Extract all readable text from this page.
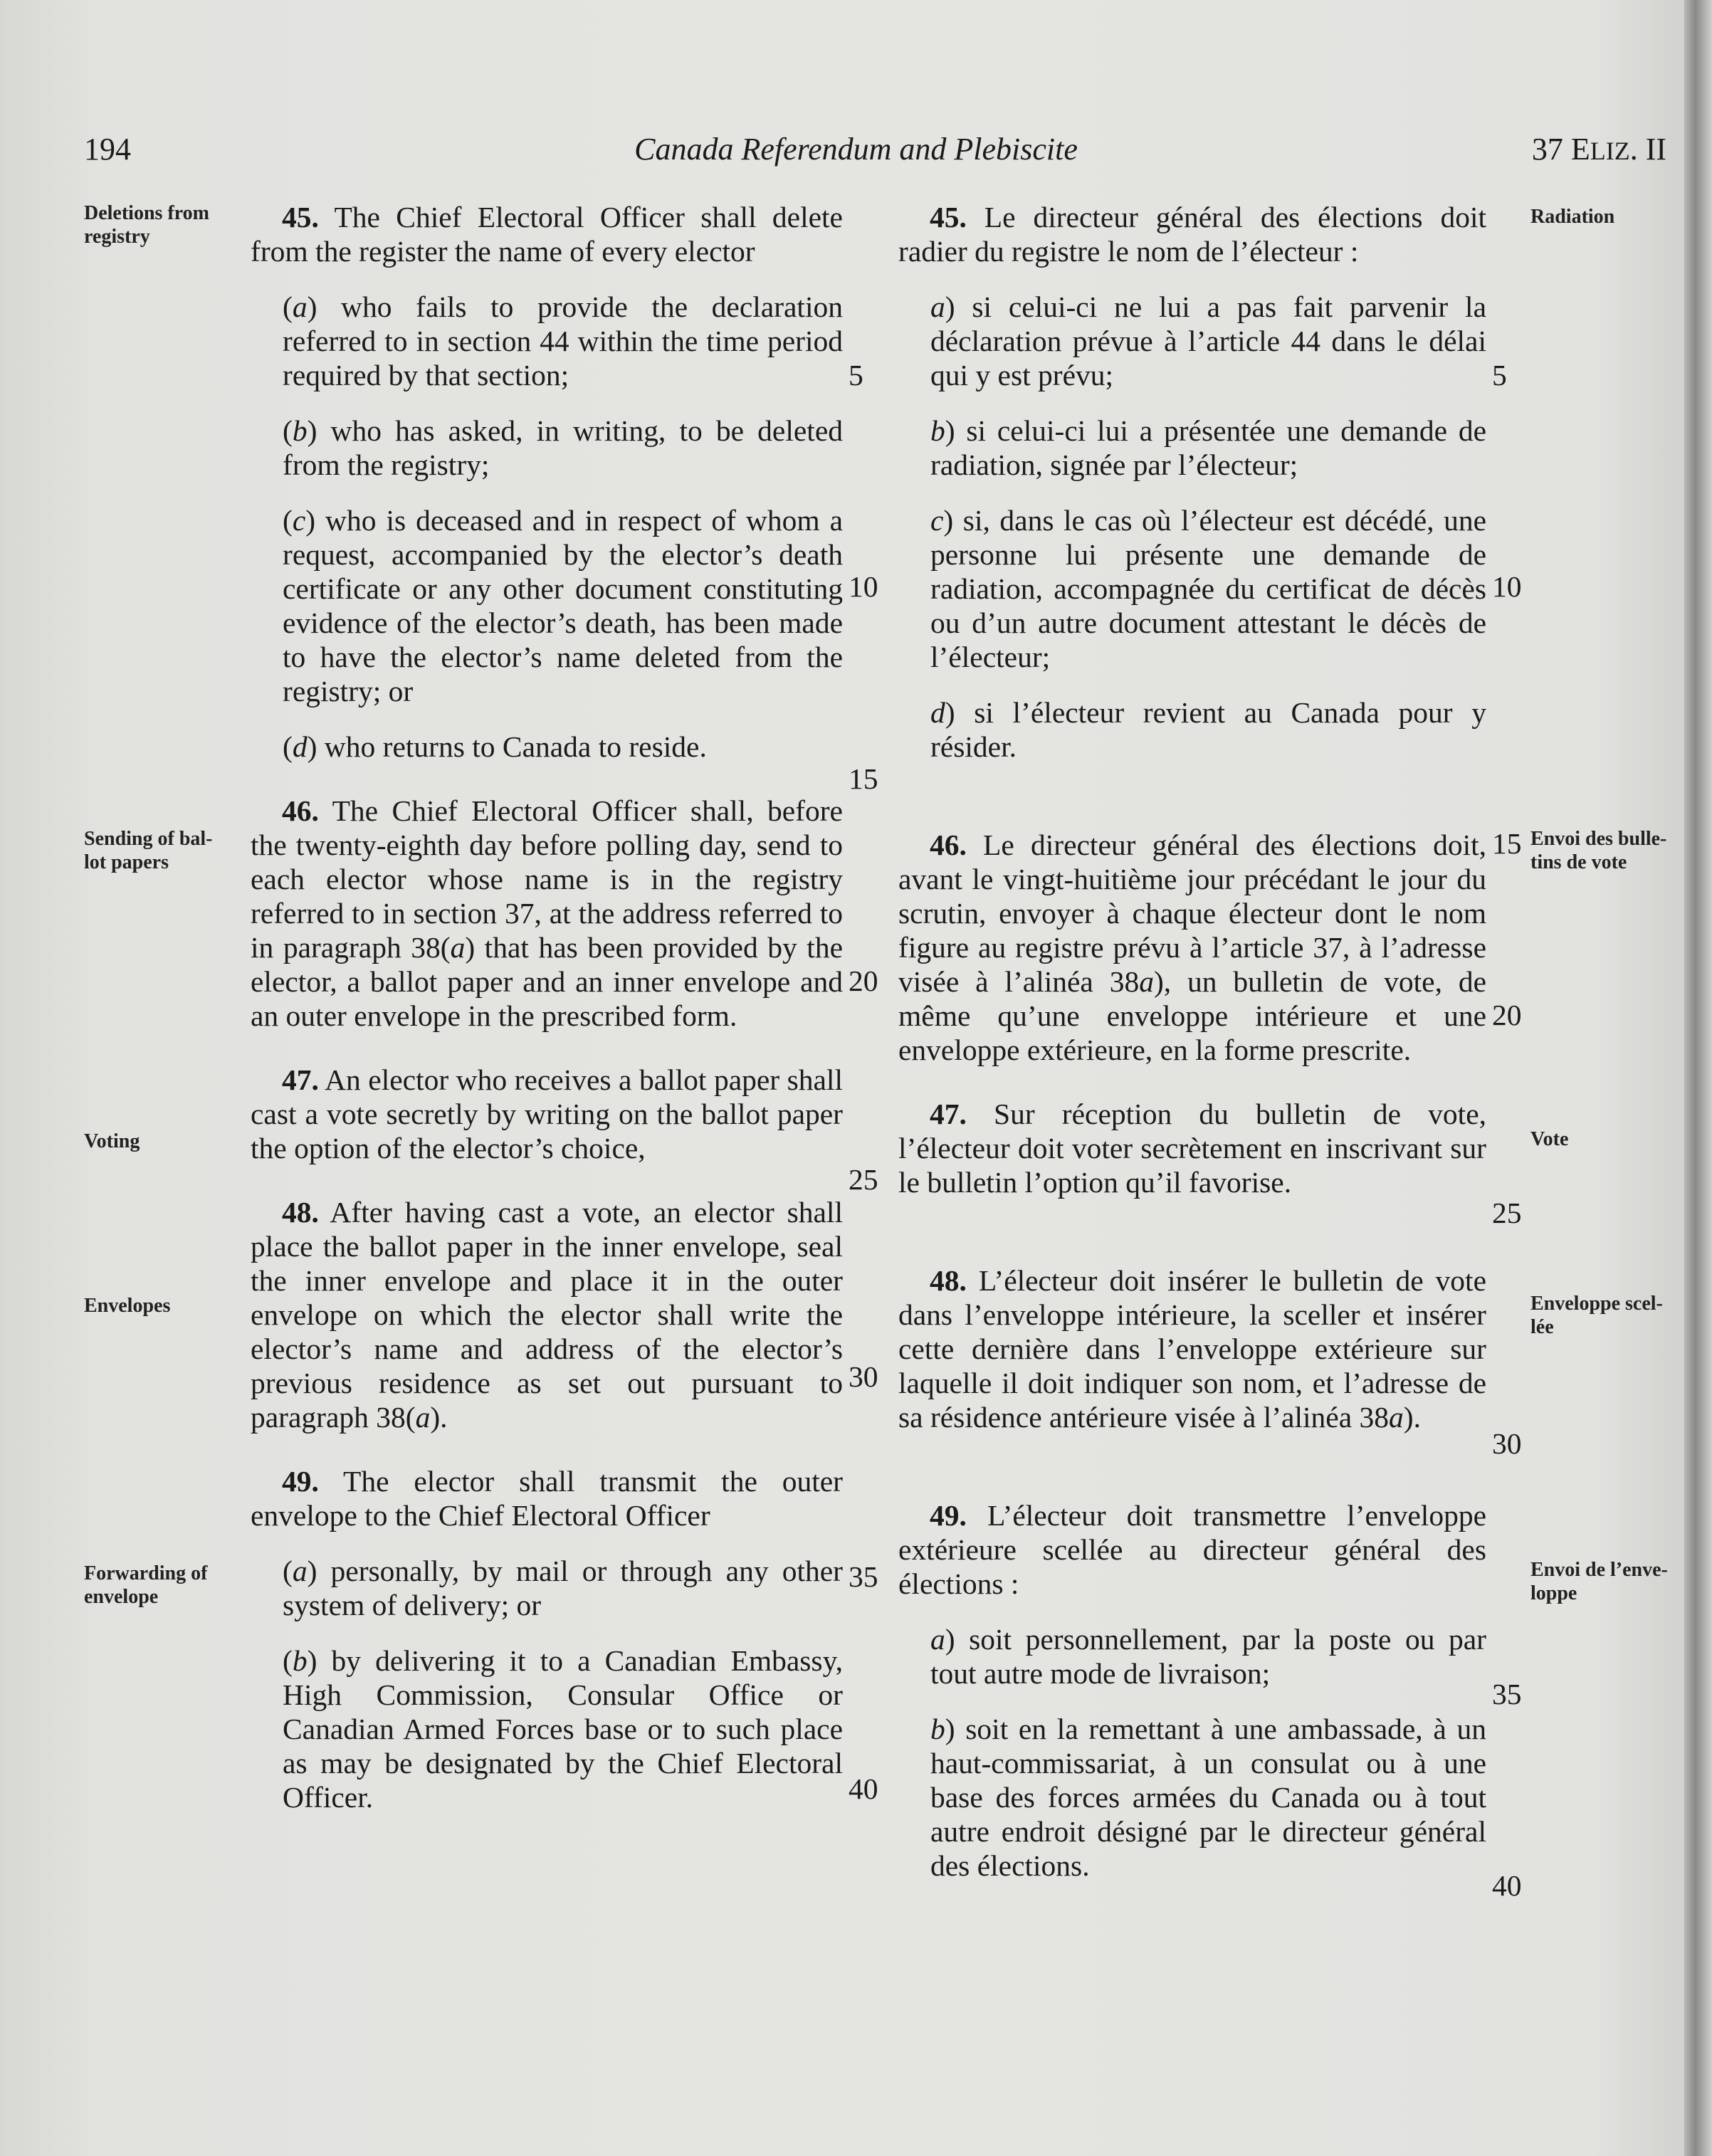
194	Canada Referendum and Plebiscite	37 ELIZ. II
Deletions from registry
Sending of bal-lot papers
Voting
Envelopes
Forwarding of envelope
Radiation
Envoi des bulle-tins de vote
Vote
Enveloppe scel-lée
Envoi de l’enve-loppe

45. The Chief Electoral Officer shall delete from the register the name of every elector

(a) who fails to provide the declaration referred to in section 44 within the time period required by that section;

(b) who has asked, in writing, to be deleted from the registry;

(c) who is deceased and in respect of whom a request, accompanied by the elector’s death certificate or any other document constituting evidence of the elector’s death, has been made to have the elector’s name deleted from the registry; or

(d) who returns to Canada to reside.

46. The Chief Electoral Officer shall, before the twenty-eighth day before polling day, send to each elector whose name is in the registry referred to in section 37, at the address referred to in paragraph 38(a) that has been provided by the elector, a ballot paper and an inner envelope and an outer envelope in the prescribed form.

47. An elector who receives a ballot paper shall cast a vote secretly by writing on the ballot paper the option of the elector’s choice,

48. After having cast a vote, an elector shall place the ballot paper in the inner envelope, seal the inner envelope and place it in the outer envelope on which the elector shall write the elector’s name and address of the elector’s previous residence as set out pursuant to paragraph 38(a).

49. The elector shall transmit the outer envelope to the Chief Electoral Officer

(a) personally, by mail or through any other system of delivery; or

(b) by delivering it to a Canadian Embassy, High Commission, Consular Office or Canadian Armed Forces base or to such place as may be designated by the Chief Electoral Officer.

45. Le directeur général des élections doit radier du registre le nom de l’électeur :

a) si celui-ci ne lui a pas fait parvenir la déclaration prévue à l’article 44 dans le délai qui y est prévu;

b) si celui-ci lui a présentée une demande de radiation, signée par l’électeur;

c) si, dans le cas où l’électeur est décédé, une personne lui présente une demande de radiation, accompagnée du certificat de décès ou d’un autre document attestant le décès de l’électeur;

d) si l’électeur revient au Canada pour y résider.

46. Le directeur général des élections doit, avant le vingt-huitième jour précédant le jour du scrutin, envoyer à chaque électeur dont le nom figure au registre prévu à l’article 37, à l’adresse visée à l’alinéa 38a), un bulletin de vote, de même qu’une enveloppe intérieure et une enveloppe extérieure, en la forme prescrite.

47. Sur réception du bulletin de vote, l’électeur doit voter secrètement en inscrivant sur le bulletin l’option qu’il favorise.

48. L’électeur doit insérer le bulletin de vote dans l’enveloppe intérieure, la sceller et insérer cette dernière dans l’enveloppe extérieure sur laquelle il doit indiquer son nom, et l’adresse de sa résidence antérieure visée à l’alinéa 38a).

49. L’électeur doit transmettre l’enveloppe extérieure scellée au directeur général des élections :

a) soit personnellement, par la poste ou par tout autre mode de livraison;

b) soit en la remettant à une ambassade, à un haut-commissariat, à un consulat ou à une base des forces armées du Canada ou à tout autre endroit désigné par le directeur général des élections.

5
10
15
20
25
30
35
40
5
10
15
20
25
30
35
40
